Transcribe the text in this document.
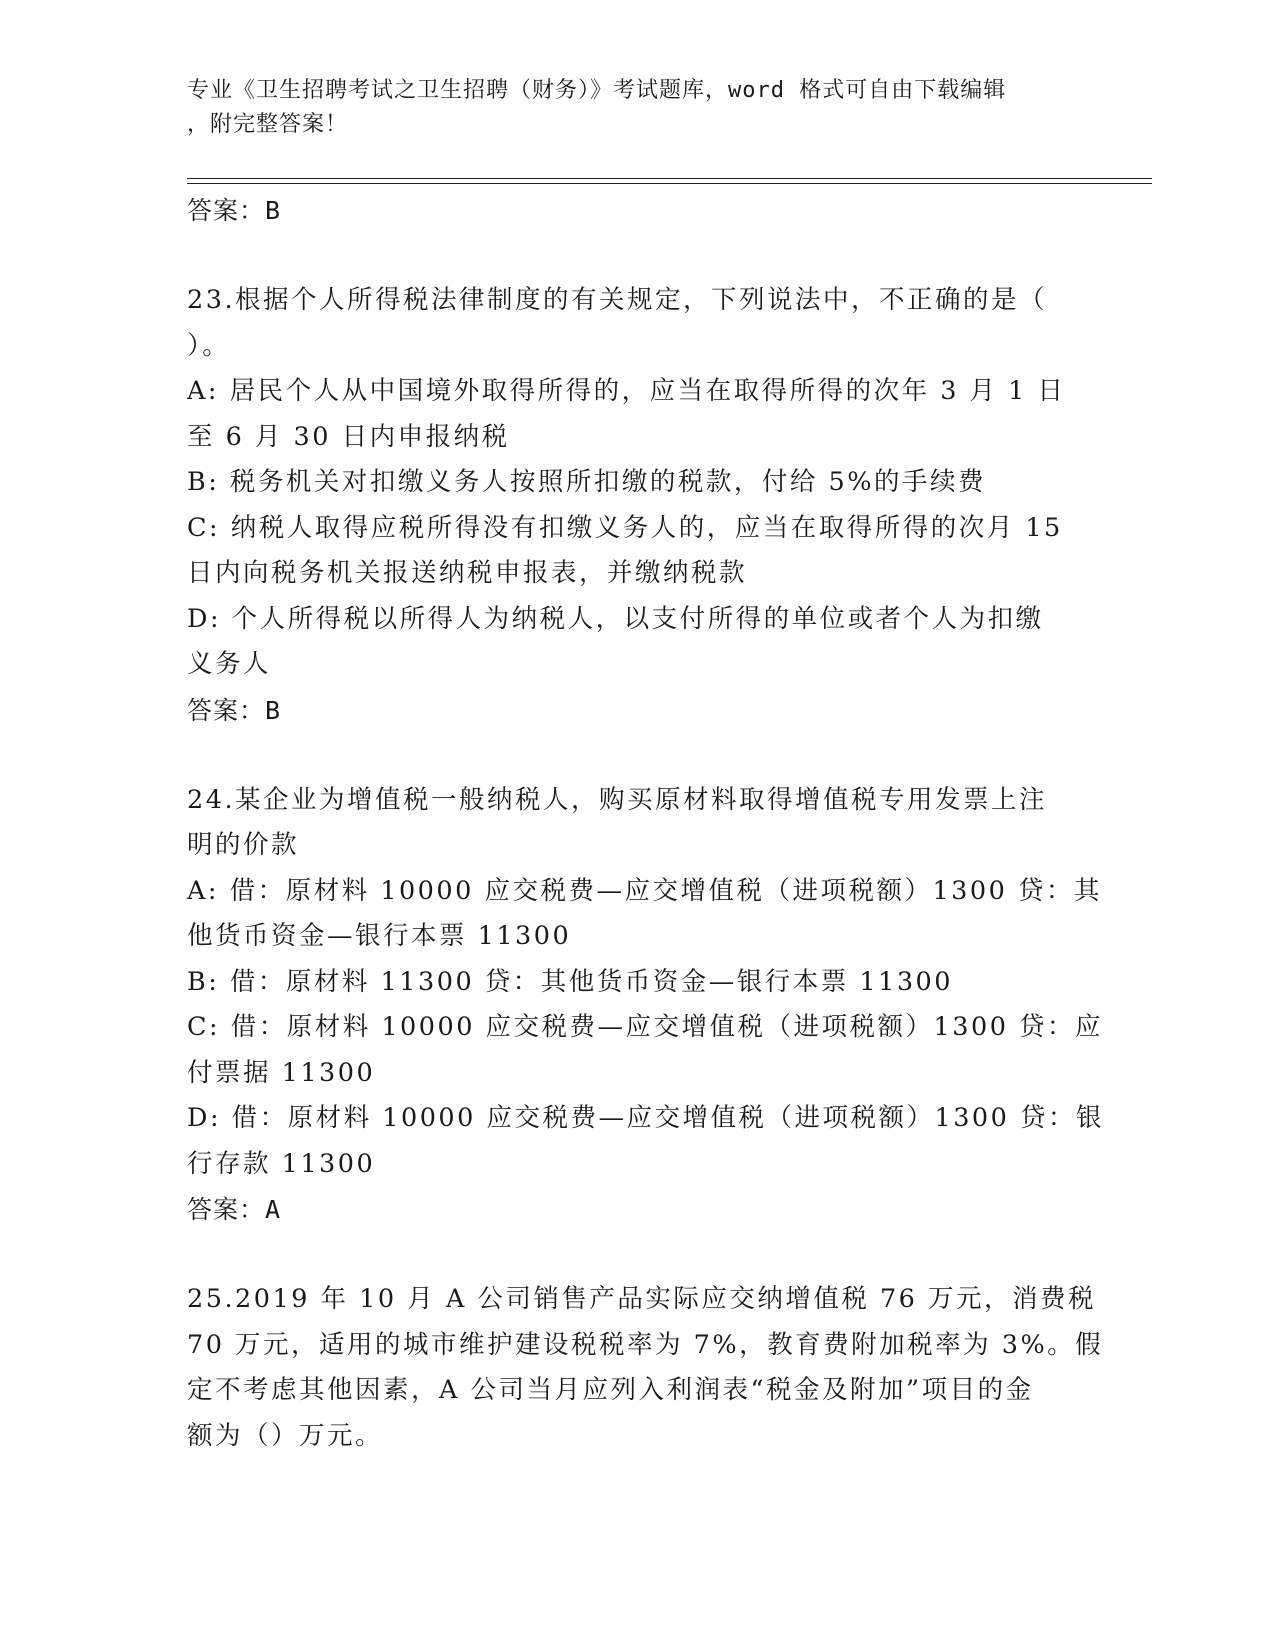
专业《卫生招聘考试之卫生招聘（财务）》考试题库，word 格式可自由下载编辑
，附完整答案！
答案：B
23.根据个人所得税法律制度的有关规定，下列说法中，不正确的是（
）。
A: 居民个人从中国境外取得所得的，应当在取得所得的次年 3 月 1 日
至 6 月 30 日内申报纳税
B: 税务机关对扣缴义务人按照所扣缴的税款，付给 5%的手续费
C: 纳税人取得应税所得没有扣缴义务人的，应当在取得所得的次月 15
日内向税务机关报送纳税申报表，并缴纳税款
D: 个人所得税以所得人为纳税人，以支付所得的单位或者个人为扣缴
义务人
答案：B
24.某企业为增值税一般纳税人，购买原材料取得增值税专用发票上注
明的价款
A: 借：原材料 10000 应交税费—应交增值税（进项税额）1300 贷：其
他货币资金—银行本票 11300
B: 借：原材料 11300 贷：其他货币资金—银行本票 11300
C: 借：原材料 10000 应交税费—应交增值税（进项税额）1300 贷：应
付票据 11300
D: 借：原材料 10000 应交税费—应交增值税（进项税额）1300 贷：银
行存款 11300
答案：A
25.2019 年 10 月 A 公司销售产品实际应交纳增值税 76 万元，消费税
70 万元，适用的城市维护建设税税率为 7%，教育费附加税率为 3%。假
定不考虑其他因素，A 公司当月应列入利润表“税金及附加”项目的金
额为（）万元。
